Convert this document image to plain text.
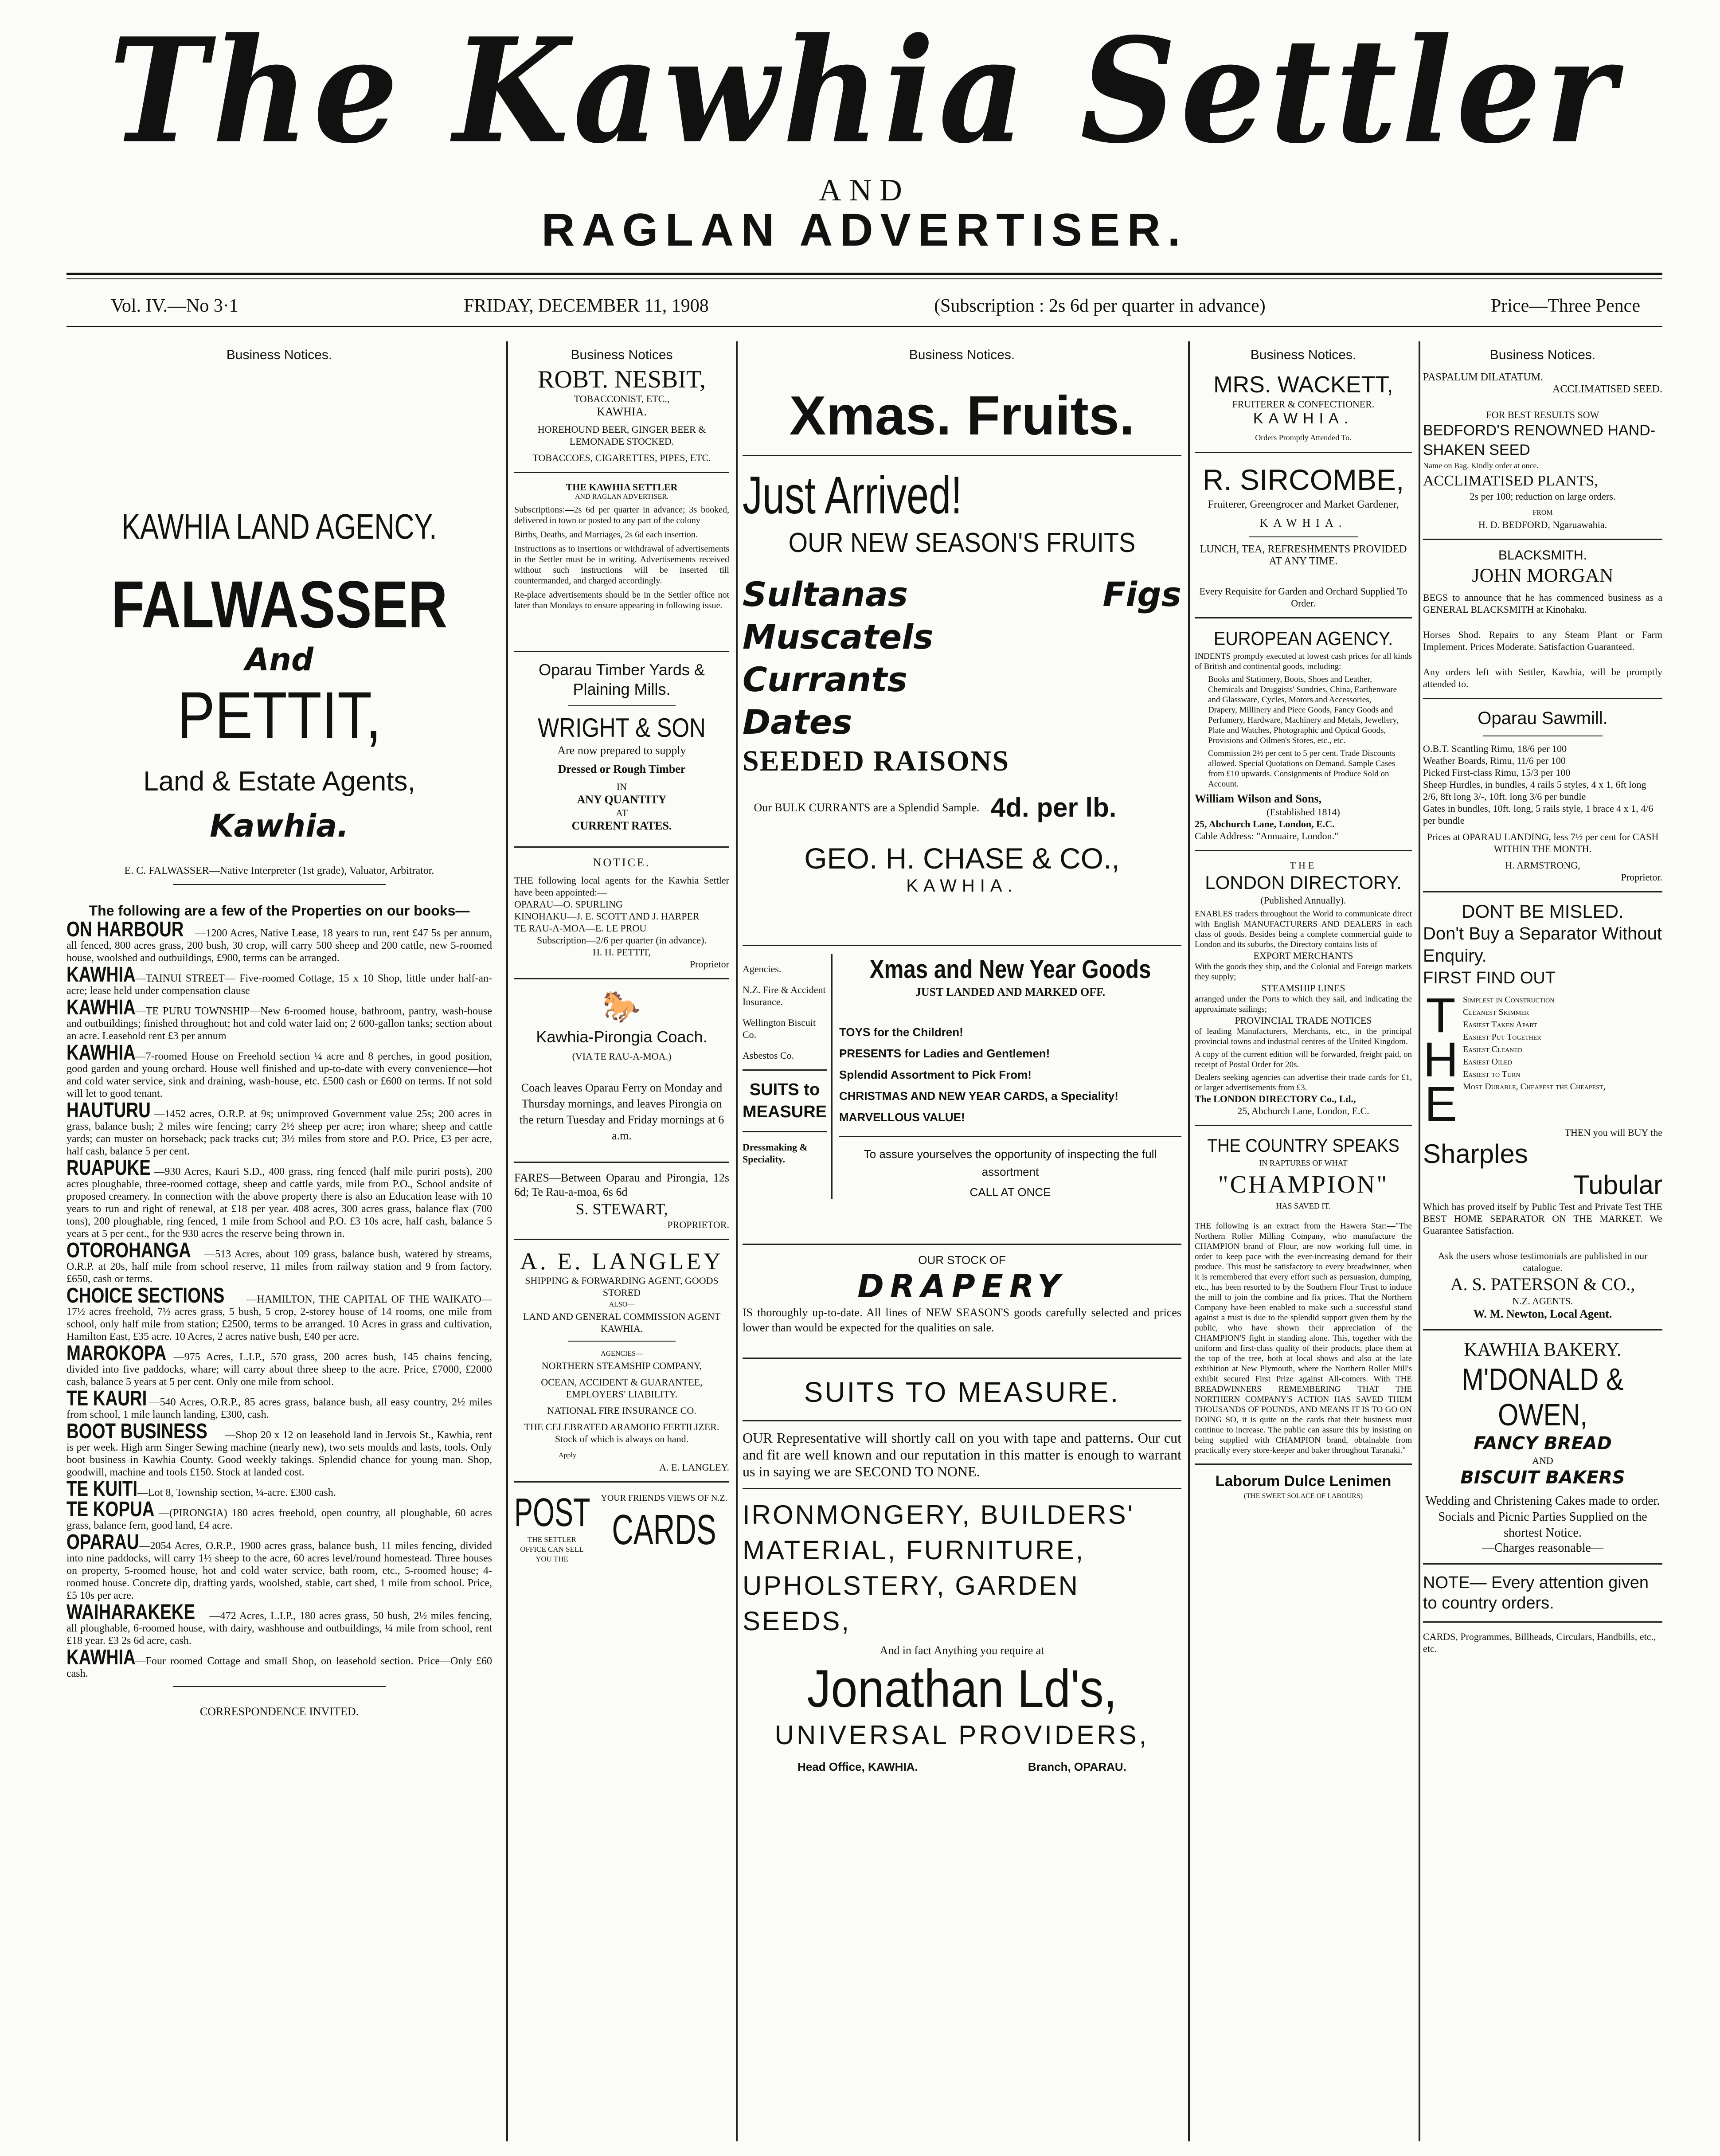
The Kawhia Settler
AND
RAGLAN ADVERTISER.
Vol. IV.—No 3·1	FRIDAY, DECEMBER 11, 1908	(Subscription : 2s 6d per quarter in advance)	Price—Three Pence
Business Notices.
KAWHIA LAND AGENCY.
FALWASSER
And
PETTIT,
Land & Estate Agents,
Kawhia.
E. C. FALWASSER—Native Interpreter (1st grade), Valuator, Arbitrator.
The following are a few of the Properties on our books—
ON HARBOUR —1200 Acres, Native Lease, 18 years to run, rent £47 5s per annum, all fenced, 800 acres grass, 200 bush, 30 crop, will carry 500 sheep and 200 cattle, new 5-roomed house, woolshed and outbuildings, £900, terms can be arranged.
KAWHIA—TAINUI STREET— Five-roomed Cottage, 15 x 10 Shop, little under half-an-acre; lease held under compensation clause
KAWHIA—TE PURU TOWNSHIP—New 6-roomed house, bathroom, pantry, wash-house and outbuildings; finished throughout; hot and cold water laid on; 2 600-gallon tanks; section about an acre. Leasehold rent £3 per annum
KAWHIA—7-roomed House on Freehold section ¼ acre and 8 perches, in good position, good garden and young orchard. House well finished and up-to-date with every convenience—hot and cold water service, sink and draining, wash-house, etc. £500 cash or £600 on terms. If not sold will let to good tenant.
HAUTURU —1452 acres, O.R.P. at 9s; unimproved Government value 25s; 200 acres in grass, balance bush; 2 miles wire fencing; carry 2½ sheep per acre; iron whare; sheep and cattle yards; can muster on horseback; pack tracks cut; 3½ miles from store and P.O. Price, £3 per acre, half cash, balance 5 per cent.
RUAPUKE —930 Acres, Kauri S.D., 400 grass, ring fenced (half mile puriri posts), 200 acres ploughable, three-roomed cottage, sheep and cattle yards, mile from P.O., School andsite of proposed creamery. In connection with the above property there is also an Education lease with 10 years to run and right of renewal, at £18 per year. 408 acres, 300 acres grass, balance flax (700 tons), 200 ploughable, ring fenced, 1 mile from School and P.O. £3 10s acre, half cash, balance 5 years at 5 per cent., for the 930 acres the reserve being thrown in.
OTOROHANGA —513 Acres, about 109 grass, balance bush, watered by streams, O.R.P. at 20s, half mile from school reserve, 11 miles from railway station and 9 from factory. £650, cash or terms.
CHOICE SECTIONS —HAMILTON, THE CAPITAL OF THE WAIKATO—17½ acres freehold, 7½ acres grass, 5 bush, 5 crop, 2-storey house of 14 rooms, one mile from school, only half mile from station; £2500, terms to be arranged. 10 Acres in grass and cultivation, Hamilton East, £35 acre. 10 Acres, 2 acres native bush, £40 per acre.
MAROKOPA —975 Acres, L.I.P., 570 grass, 200 acres bush, 145 chains fencing, divided into five paddocks, whare; will carry about three sheep to the acre. Price, £7000, £2000 cash, balance 5 years at 5 per cent. Only one mile from school.
TE KAURI —540 Acres, O.R.P., 85 acres grass, balance bush, all easy country, 2½ miles from school, 1 mile launch landing, £300, cash.
BOOT BUSINESS —Shop 20 x 12 on leasehold land in Jervois St., Kawhia, rent is per week. High arm Singer Sewing machine (nearly new), two sets moulds and lasts, tools. Only boot business in Kawhia County. Good weekly takings. Splendid chance for young man. Shop, goodwill, machine and tools £150. Stock at landed cost.
TE KUITI—Lot 8, Township section, ¼-acre. £300 cash.
TE KOPUA —(PIRONGIA) 180 acres freehold, open country, all ploughable, 60 acres grass, balance fern, good land, £4 acre.
OPARAU—2054 Acres, O.R.P., 1900 acres grass, balance bush, 11 miles fencing, divided into nine paddocks, will carry 1½ sheep to the acre, 60 acres level/round homestead. Three houses on property, 5-roomed house, hot and cold water service, bath room, etc., 5-roomed house; 4-roomed house. Concrete dip, drafting yards, woolshed, stable, cart shed, 1 mile from school. Price, £5 10s per acre.
WAIHARAKEKE —472 Acres, L.I.P., 180 acres grass, 50 bush, 2½ miles fencing, all ploughable, 6-roomed house, with dairy, washhouse and outbuildings, ¼ mile from school, rent £18 year. £3 2s 6d acre, cash.
KAWHIA—Four roomed Cottage and small Shop, on leasehold section. Price—Only £60 cash.
CORRESPONDENCE INVITED.
Business Notices
ROBT. NESBIT,
TOBACCONIST, ETC.,
KAWHIA.
HOREHOUND BEER, GINGER BEER & LEMONADE STOCKED.
TOBACCOES, CIGARETTES, PIPES, ETC.
THE KAWHIA SETTLER
AND RAGLAN ADVERTISER.
Subscriptions:—2s 6d per quarter in advance; 3s booked, delivered in town or posted to any part of the colony
Births, Deaths, and Marriages, 2s 6d each insertion.
Instructions as to insertions or withdrawal of advertisements in the Settler must be in writing. Advertisements received without such instructions will be inserted till countermanded, and charged accordingly.
Re-place advertisements should be in the Settler office not later than Mondays to ensure appearing in following issue.
Oparau Timber Yards & Plaining Mills.
WRIGHT & SON
Are now prepared to supply
Dressed or Rough Timber
IN
ANY QUANTITY
AT
CURRENT RATES.
NOTICE.
THE following local agents for the Kawhia Settler have been appointed:—
OPARAU—O. SPURLING
KINOHAKU—J. E. SCOTT AND J. HARPER
TE RAU-A-MOA—E. LE PROU
Subscription—2/6 per quarter (in advance).
H. H. PETTIT,
Proprietor
🐎
Kawhia-Pirongia Coach.
(VIA TE RAU-A-MOA.)
Coach leaves Oparau Ferry on Monday and Thursday mornings, and leaves Pirongia on the return Tuesday and Friday mornings at 6 a.m.
FARES—Between Oparau and Pirongia, 12s 6d; Te Rau-a-moa, 6s 6d
S. STEWART,
PROPRIETOR.
A. E. LANGLEY
SHIPPING & FORWARDING AGENT, GOODS STORED
ALSO—
LAND AND GENERAL COMMISSION AGENT
KAWHIA.
AGENCIES—
NORTHERN STEAMSHIP COMPANY,
OCEAN, ACCIDENT & GUARANTEE, EMPLOYERS' LIABILITY.
NATIONAL FIRE INSURANCE CO.
THE CELEBRATED ARAMOHO FERTILIZER.
Stock of which is always on hand.
Apply
A. E. LANGLEY.
POST
THE SETTLER OFFICE CAN SELL YOU THE
YOUR FRIENDS VIEWS OF N.Z.
CARDS
Business Notices.
Xmas. Fruits.
Just Arrived!
OUR NEW SEASON'S FRUITS
Sultanas	Figs
Muscatels
Currants
Dates
SEEDED RAISONS
Our BULK CURRANTS are a Splendid Sample. 4d. per lb.
GEO. H. CHASE & CO.,
KAWHIA.
Agencies.
N.Z. Fire & Accident Insurance.
Wellington Biscuit Co.
Asbestos Co.
SUITS to MEASURE
Dressmaking & Speciality.
Xmas and New Year Goods
JUST LANDED AND MARKED OFF.
TOYS for the Children!
PRESENTS for Ladies and Gentlemen!
Splendid Assortment to Pick From!
CHRISTMAS AND NEW YEAR CARDS, a Speciality!
MARVELLOUS VALUE!
To assure yourselves the opportunity of inspecting the full assortment
CALL AT ONCE
OUR STOCK OF
DRAPERY
IS thoroughly up-to-date. All lines of NEW SEASON'S goods carefully selected and prices lower than would be expected for the qualities on sale.
SUITS TO MEASURE.
OUR Representative will shortly call on you with tape and patterns. Our cut and fit are well known and our reputation in this matter is enough to warrant us in saying we are SECOND TO NONE.
IRONMONGERY, BUILDERS' MATERIAL, FURNITURE, UPHOLSTERY, GARDEN SEEDS,
And in fact Anything you require at
Jonathan Ld's,
UNIVERSAL PROVIDERS,
Head Office, KAWHIA.	Branch, OPARAU.
Business Notices.
MRS. WACKETT,
FRUITERER & CONFECTIONER.
KAWHIA.
Orders Promptly Attended To.
R. SIRCOMBE,
Fruiterer, Greengrocer and Market Gardener,
KAWHIA.
LUNCH, TEA, REFRESHMENTS PROVIDED AT ANY TIME.
Every Requisite for Garden and Orchard Supplied To Order.
EUROPEAN AGENCY.
INDENTS promptly executed at lowest cash prices for all kinds of British and continental goods, including:—
Books and Stationery, Boots, Shoes and Leather, Chemicals and Druggists' Sundries, China, Earthenware and Glassware, Cycles, Motors and Accessories, Drapery, Millinery and Piece Goods, Fancy Goods and Perfumery, Hardware, Machinery and Metals, Jewellery, Plate and Watches, Photographic and Optical Goods, Provisions and Oilmen's Stores, etc., etc.
Commission 2½ per cent to 5 per cent. Trade Discounts allowed. Special Quotations on Demand. Sample Cases from £10 upwards. Consignments of Produce Sold on Account.
William Wilson and Sons,
(Established 1814)
25, Abchurch Lane, London, E.C.
Cable Address: "Annuaire, London."
THE
LONDON DIRECTORY.
(Published Annually).
ENABLES traders throughout the World to communicate direct with English MANUFACTURERS AND DEALERS in each class of goods. Besides being a complete commercial guide to London and its suburbs, the Directory contains lists of—
EXPORT MERCHANTS
With the goods they ship, and the Colonial and Foreign markets they supply;
STEAMSHIP LINES
arranged under the Ports to which they sail, and indicating the approximate sailings;
PROVINCIAL TRADE NOTICES
of leading Manufacturers, Merchants, etc., in the principal provincial towns and industrial centres of the United Kingdom.
A copy of the current edition will be forwarded, freight paid, on receipt of Postal Order for 20s.
Dealers seeking agencies can advertise their trade cards for £1, or larger advertisements from £3.
The LONDON DIRECTORY Co., Ld.,
25, Abchurch Lane, London, E.C.
THE COUNTRY SPEAKS
IN RAPTURES OF WHAT
"CHAMPION"
HAS SAVED IT.
THE following is an extract from the Hawera Star:—"The Northern Roller Milling Company, who manufacture the CHAMPION brand of Flour, are now working full time, in order to keep pace with the ever-increasing demand for their produce. This must be satisfactory to every breadwinner, when it is remembered that every effort such as persuasion, dumping, etc., has been resorted to by the Southern Flour Trust to induce the mill to join the combine and fix prices. That the Northern Company have been enabled to make such a successful stand against a trust is due to the splendid support given them by the public, who have shown their appreciation of the CHAMPION'S fight in standing alone. This, together with the uniform and first-class quality of their products, place them at the top of the tree, both at local shows and also at the late exhibition at New Plymouth, where the Northern Roller Mill's exhibit secured First Prize against All-comers. With THE BREADWINNERS REMEMBERING THAT THE NORTHERN COMPANY'S ACTION HAS SAVED THEM THOUSANDS OF POUNDS, AND MEANS IT IS TO GO ON DOING SO, it is quite on the cards that their business must continue to increase. The public can assure this by insisting on being supplied with CHAMPION brand, obtainable from practically every store-keeper and baker throughout Taranaki."
Laborum Dulce Lenimen
(THE SWEET SOLACE OF LABOURS)
Business Notices.
PASPALUM DILATATUM.
ACCLIMATISED SEED.
FOR BEST RESULTS SOW
BEDFORD'S RENOWNED HAND-SHAKEN SEED
Name on Bag. Kindly order at once.
ACCLIMATISED PLANTS,
2s per 100; reduction on large orders.
FROM
H. D. BEDFORD, Ngaruawahia.
BLACKSMITH.
JOHN MORGAN
BEGS to announce that he has commenced business as a GENERAL BLACKSMITH at Kinohaku.
Horses Shod. Repairs to any Steam Plant or Farm Implement. Prices Moderate. Satisfaction Guaranteed.
Any orders left with Settler, Kawhia, will be promptly attended to.
Oparau Sawmill.
O.B.T. Scantling Rimu, 18/6 per 100
Weather Boards, Rimu, 11/6 per 100
Picked First-class Rimu, 15/3 per 100
Sheep Hurdles, in bundles, 4 rails 5 styles, 4 x 1, 6ft long 2/6, 8ft long 3/-, 10ft. long 3/6 per bundle
Gates in bundles, 10ft. long, 5 rails style, 1 brace 4 x 1, 4/6 per bundle
Prices at OPARAU LANDING, less 7½ per cent for CASH WITHIN THE MONTH.
H. ARMSTRONG,
Proprietor.
DONT BE MISLED.
Don't Buy a Separator Without Enquiry.
FIRST FIND OUT
T
H
E
Simplest in Construction
Cleanest Skimmer
Easiest Taken Apart
Easiest Put Together
Easiest Cleaned
Easiest Oiled
Easiest to Turn
Most Durable, Cheapest the Cheapest,
THEN you will BUY the
Sharples
Tubular
Which has proved itself by Public Test and Private Test THE BEST HOME SEPARATOR ON THE MARKET. We Guarantee Satisfaction.
Ask the users whose testimonials are published in our catalogue.
A. S. PATERSON & CO.,
N.Z. AGENTS.
W. M. Newton, Local Agent.
KAWHIA BAKERY.
M'DONALD & OWEN,
FANCY BREAD
AND
BISCUIT BAKERS
Wedding and Christening Cakes made to order. Socials and Picnic Parties Supplied on the shortest Notice.
—Charges reasonable—
NOTE— Every attention given to country orders.
CARDS, Programmes, Billheads, Circulars, Handbills, etc., etc.
